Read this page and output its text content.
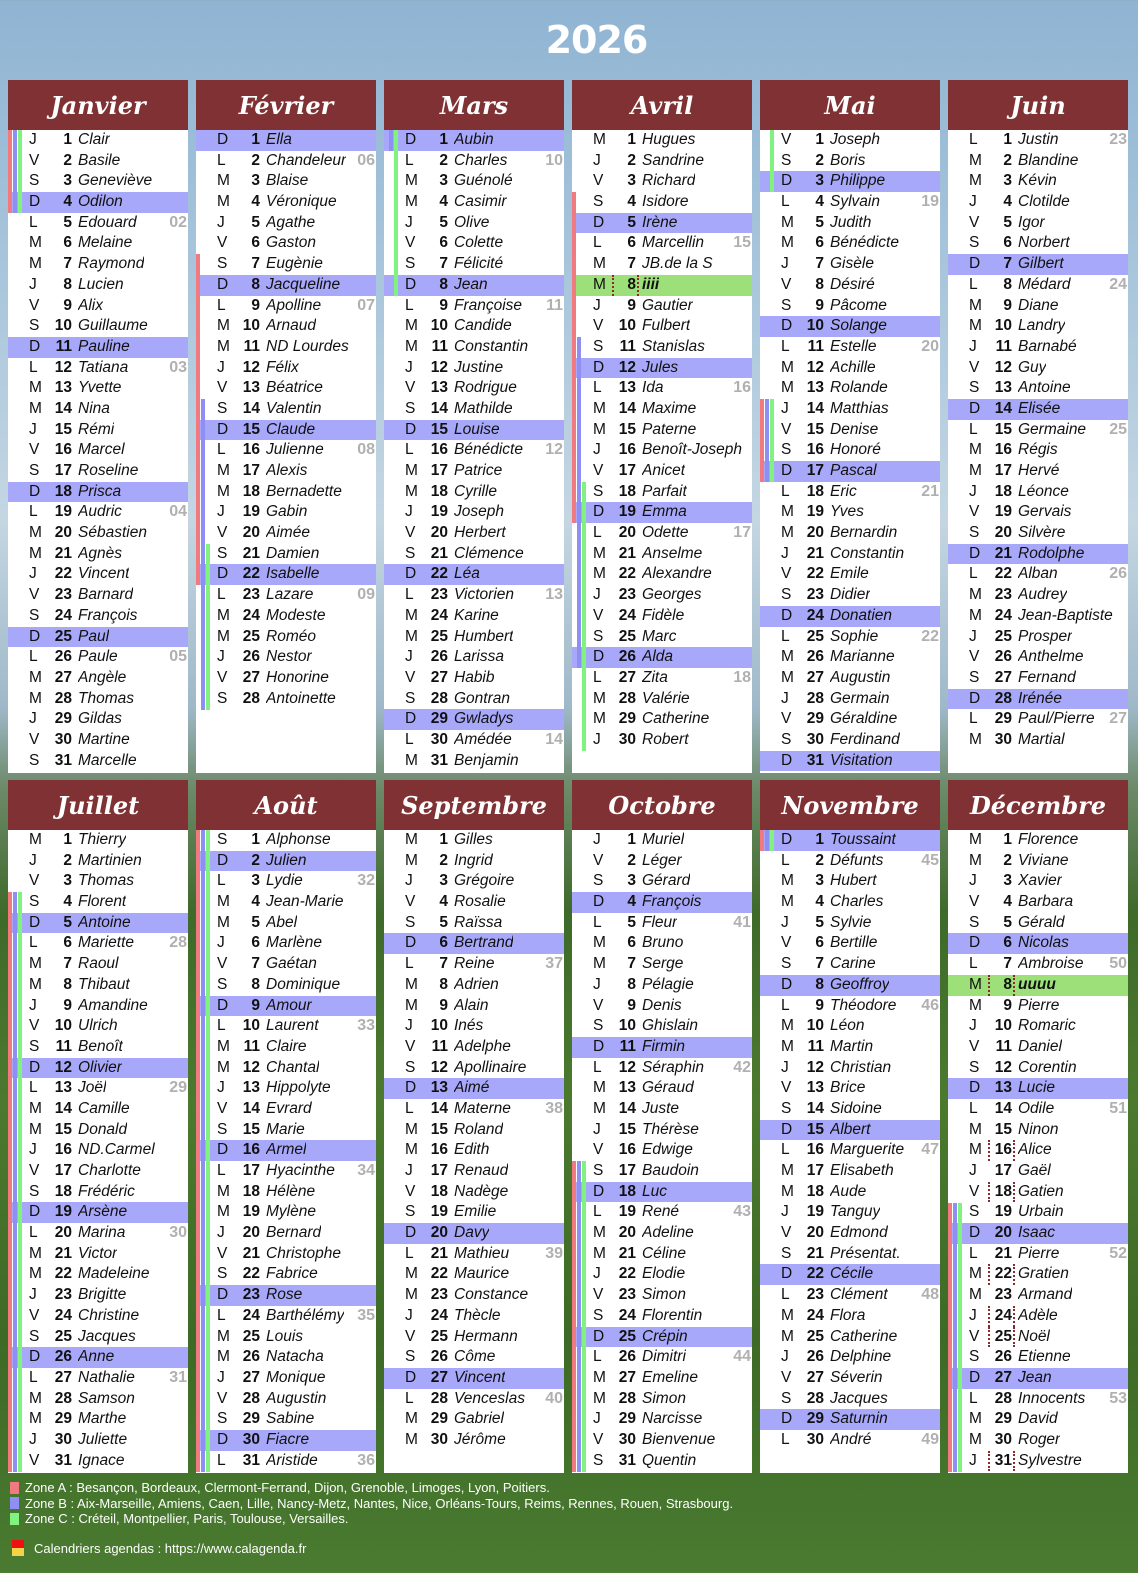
2026
Janvier
J	1 Clair
V	2 Basile
S	3 Geneviève
D	4 Odilon
L	5 Edouard 02
M	6 Melaine
M	7 Raymond
J	8 Lucien
V	9 Alix
S 10 Guillaume
D 11 Pauline
L	12 Tatiana	03
M 13 Yvette
M 14 Nina
J	15 Rémi
V 16 Marcel
S 17 Roseline
D 18 Prisca
L	19 Audric	04
M 20 Sébastien
M 21 Agnès
J	22 Vincent
V 23 Barnard
S 24 François
D 25 Paul
L	26 Paule	05
M 27 Angèle
M 28 Thomas
J	29 Gildas
V 30 Martine
S 31 Marcelle
Février
D	1 Ella
L	2 Chandeleur 06
M	3 Blaise
M	4 Véronique
J	5 Agathe
V	6 Gaston
S	7 Eugènie
D	8 Jacqueline
L	9 Apolline 07
M 10 Arnaud
M 11 ND Lourdes
J	12 Félix
V 13 Béatrice
S 14 Valentin
D 15 Claude
L	16 Julienne 08
M 17 Alexis
M 18 Bernadette
J	19 Gabin
V 20 Aimée
S 21 Damien
D 22 Isabelle
L	23 Lazare	09
M 24 Modeste
M 25 Roméo
J	26 Nestor
V 27 Honorine
S 28 Antoinette
Mars
D	1 Aubin
L	2 Charles 10
M	3 Guénolé
M	4 Casimir
J	5 Olive
V	6 Colette
S	7 Félicité
D	8 Jean
L	9 Françoise 11
M 10 Candide
M 11 Constantin
J	12 Justine
V 13 Rodrigue
S 14 Mathilde
D 15 Louise
L	16 Bénédicte 12
M 17 Patrice
M 18 Cyrille
J	19 Joseph
V 20 Herbert
S 21 Clémence
D 22 Léa
L	23 Victorien 13
M 24 Karine
M 25 Humbert
J	26 Larissa
V 27 Habib
S 28 Gontran
D 29 Gwladys
L	30 Amédée 14
M 31 Benjamin
Avril
M	1 Hugues
J	2 Sandrine
V	3 Richard
S	4 Isidore
D	5 Irène
L	6 Marcellin 15
M	7 JB.de la S
M	8 iiii
J	9 Gautier
V 10 Fulbert
S	11 Stanislas
D 12 Jules
L	13 Ida	16
M 14 Maxime
M 15 Paterne
J	16 Benoît-Joseph
V 17 Anicet
S 18 Parfait
D 19 Emma
L	20 Odette	17
M 21 Anselme
M 22 Alexandre
J	23 Georges
V 24 Fidèle
S 25 Marc
D 26 Alda
L	27 Zita	18
M 28 Valérie
M 29 Catherine
J	30 Robert
Mai
V	1 Joseph
S	2 Boris
D	3 Philippe
L	4 Sylvain	19
M	5 Judith
M	6 Bénédicte
J	7 Gisèle
V	8 Désiré
S	9 Pâcome
D 10 Solange
L	11 Estelle	20
M 12 Achille
M 13 Rolande
J	14 Matthias
V 15 Denise
S 16 Honoré
D 17 Pascal
L	18 Eric	21
M 19 Yves
M 20 Bernardin
J	21 Constantin
V 22 Emile
S 23 Didier
D 24 Donatien
L	25 Sophie	22
M 26 Marianne
M 27 Augustin
J	28 Germain
V 29 Géraldine
S 30 Ferdinand
D 31 Visitation
Juin
L	1 Justin	23
M	2 Blandine
M	3 Kévin
J	4 Clotilde
V	5 Igor
S	6 Norbert
D	7 Gilbert
L	8 Médard 24
M	9 Diane
M 10 Landry
J	11 Barnabé
V 12 Guy
S 13 Antoine
D 14 Elisée
L	15 Germaine 25
M 16 Régis
M 17 Hervé
J	18 Léonce
V 19 Gervais
S 20 Silvère
D 21 Rodolphe
L	22 Alban	26
M 23 Audrey
M 24 Jean-Baptiste
J	25 Prosper
V 26 Anthelme
S 27 Fernand
D 28 Irénée
L	29 Paul/Pierre 27
M 30 Martial
Juillet
M	1 Thierry
J	2 Martinien
V	3 Thomas
S	4 Florent
D	5 Antoine
L	6 Mariette 28
M	7 Raoul
M	8 Thibaut
J	9 Amandine
V 10 Ulrich
S	11 Benoît
D 12 Olivier
L	13 Joël	29
M 14 Camille
M 15 Donald
J	16 ND.Carmel
V 17 Charlotte
S 18 Frédéric
D 19 Arsène
L	20 Marina	30
M 21 Victor
M 22 Madeleine
J	23 Brigitte
V 24 Christine
S 25 Jacques
D 26 Anne
L	27 Nathalie 31
M 28 Samson
M 29 Marthe
J	30 Juliette
V 31 Ignace
Août
S	1 Alphonse
D	2 Julien
L	3 Lydie	32
M	4 Jean-Marie
M	5 Abel
J	6 Marlène
V	7 Gaétan
S	8 Dominique
D	9 Amour
L	10 Laurent 33
M 11 Claire
M 12 Chantal
J	13 Hippolyte
V 14 Evrard
S 15 Marie
D 16 Armel
L	17 Hyacinthe 34
M 18 Hélène
M 19 Mylène
J	20 Bernard
V 21 Christophe
S 22 Fabrice
D 23 Rose
L	24 Barthélémy 35
M 25 Louis
M 26 Natacha
J	27 Monique
V 28 Augustin
S 29 Sabine
D 30 Fiacre
L	31 Aristide 36
Septembre
M	1 Gilles
M	2 Ingrid
J	3 Grégoire
V	4 Rosalie
S	5 Raïssa
D	6 Bertrand
L	7 Reine	37
M	8 Adrien
M	9 Alain
J	10 Inés
V	11 Adelphe
S 12 Apollinaire
D 13 Aimé
L	14 Materne 38
M 15 Roland
M 16 Edith
J	17 Renaud
V 18 Nadège
S 19 Emilie
D 20 Davy
L	21 Mathieu 39
M 22 Maurice
M 23 Constance
J	24 Thècle
V 25 Hermann
S 26 Côme
D 27 Vincent
L	28 Venceslas 40
M 29 Gabriel
M 30 Jérôme
Octobre
J	1 Muriel
V	2 Léger
S	3 Gérard
D	4 François
L	5 Fleur	41
M	6 Bruno
M	7 Serge
J	8 Pélagie
V	9 Denis
S 10 Ghislain
D 11 Firmin
L	12 Séraphin 42
M 13 Géraud
M 14 Juste
J	15 Thérèse
V 16 Edwige
S 17 Baudoin
D 18 Luc
L	19 René	43
M 20 Adeline
M 21 Céline
J	22 Elodie
V 23 Simon
S 24 Florentin
D 25 Crépin
L	26 Dimitri	44
M 27 Emeline
M 28 Simon
J	29 Narcisse
V 30 Bienvenue
S 31 Quentin
Novembre
D	1 Toussaint
L	2 Défunts 45
M	3 Hubert
M	4 Charles
J	5 Sylvie
V	6 Bertille
S	7 Carine
D	8 Geoffroy
L	9 Théodore 46
M 10 Léon
M 11 Martin
J	12 Christian
V 13 Brice
S 14 Sidoine
D 15 Albert
L	16 Marguerite 47
M 17 Elisabeth
M 18 Aude
J	19 Tanguy
V 20 Edmond
S 21 Présentat.
D 22 Cécile
L	23 Clément 48
M 24 Flora
M 25 Catherine
J	26 Delphine
V 27 Séverin
S 28 Jacques
D 29 Saturnin
L	30 André	49
Décembre
M	1 Florence
M	2 Viviane
J	3 Xavier
V	4 Barbara
S	5 Gérald
D	6 Nicolas
L	7 Ambroise 50
M	8 uuuu
M	9 Pierre
J	10 Romaric
V	11 Daniel
S 12 Corentin
D 13 Lucie
L	14 Odile	51
M 15 Ninon
M 16 Alice
J	17 Gaël
V 18 Gatien
S 19 Urbain
D 20 Isaac
L	21 Pierre	52
M 22 Gratien
M 23 Armand
J	24 Adèle
V 25 Noël
S 26 Etienne
D 27 Jean
L	28 Innocents 53
M 29 David
M 30 Roger
J	31 Sylvestre
Zone A : Besançon, Bordeaux, Clermont-Ferrand, Dijon, Grenoble, Limoges, Lyon, Poitiers.
Zone B : Aix-Marseille, Amiens, Caen, Lille, Nancy-Metz, Nantes, Nice, Orléans-Tours, Reims, Rennes, Rouen, Strasbourg.
Zone C : Créteil, Montpellier, Paris, Toulouse, Versailles.
Calendriers agendas : https://www.calagenda.fr
